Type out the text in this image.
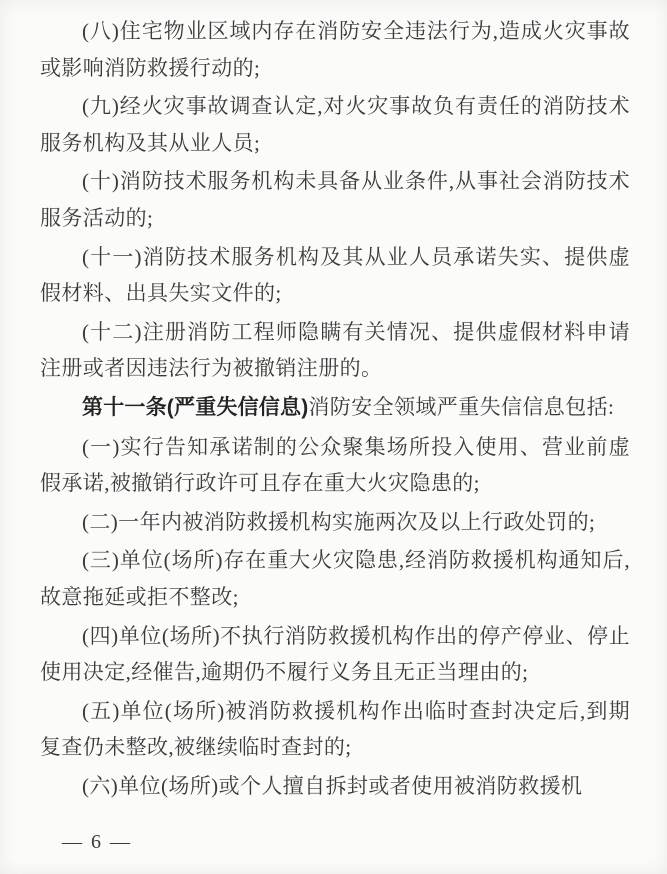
(八)住宅物业区域内存在消防安全违法行为,造成火灾事故或影响消防救援行动的;

(九)经火灾事故调查认定,对火灾事故负有责任的消防技术服务机构及其从业人员;

(十)消防技术服务机构未具备从业条件,从事社会消防技术服务活动的;

(十一)消防技术服务机构及其从业人员承诺失实、提供虚假材料、出具失实文件的;

(十二)注册消防工程师隐瞒有关情况、提供虚假材料申请注册或者因违法行为被撤销注册的。

第十一条(严重失信信息)消防安全领域严重失信信息包括:

(一)实行告知承诺制的公众聚集场所投入使用、营业前虚假承诺,被撤销行政许可且存在重大火灾隐患的;

(二)一年内被消防救援机构实施两次及以上行政处罚的;

(三)单位(场所)存在重大火灾隐患,经消防救援机构通知后,故意拖延或拒不整改;

(四)单位(场所)不执行消防救援机构作出的停产停业、停止使用决定,经催告,逾期仍不履行义务且无正当理由的;

(五)单位(场所)被消防救援机构作出临时查封决定后,到期复查仍未整改,被继续临时查封的;

(六)单位(场所)或个人擅自拆封或者使用被消防救援机

— 6 —
